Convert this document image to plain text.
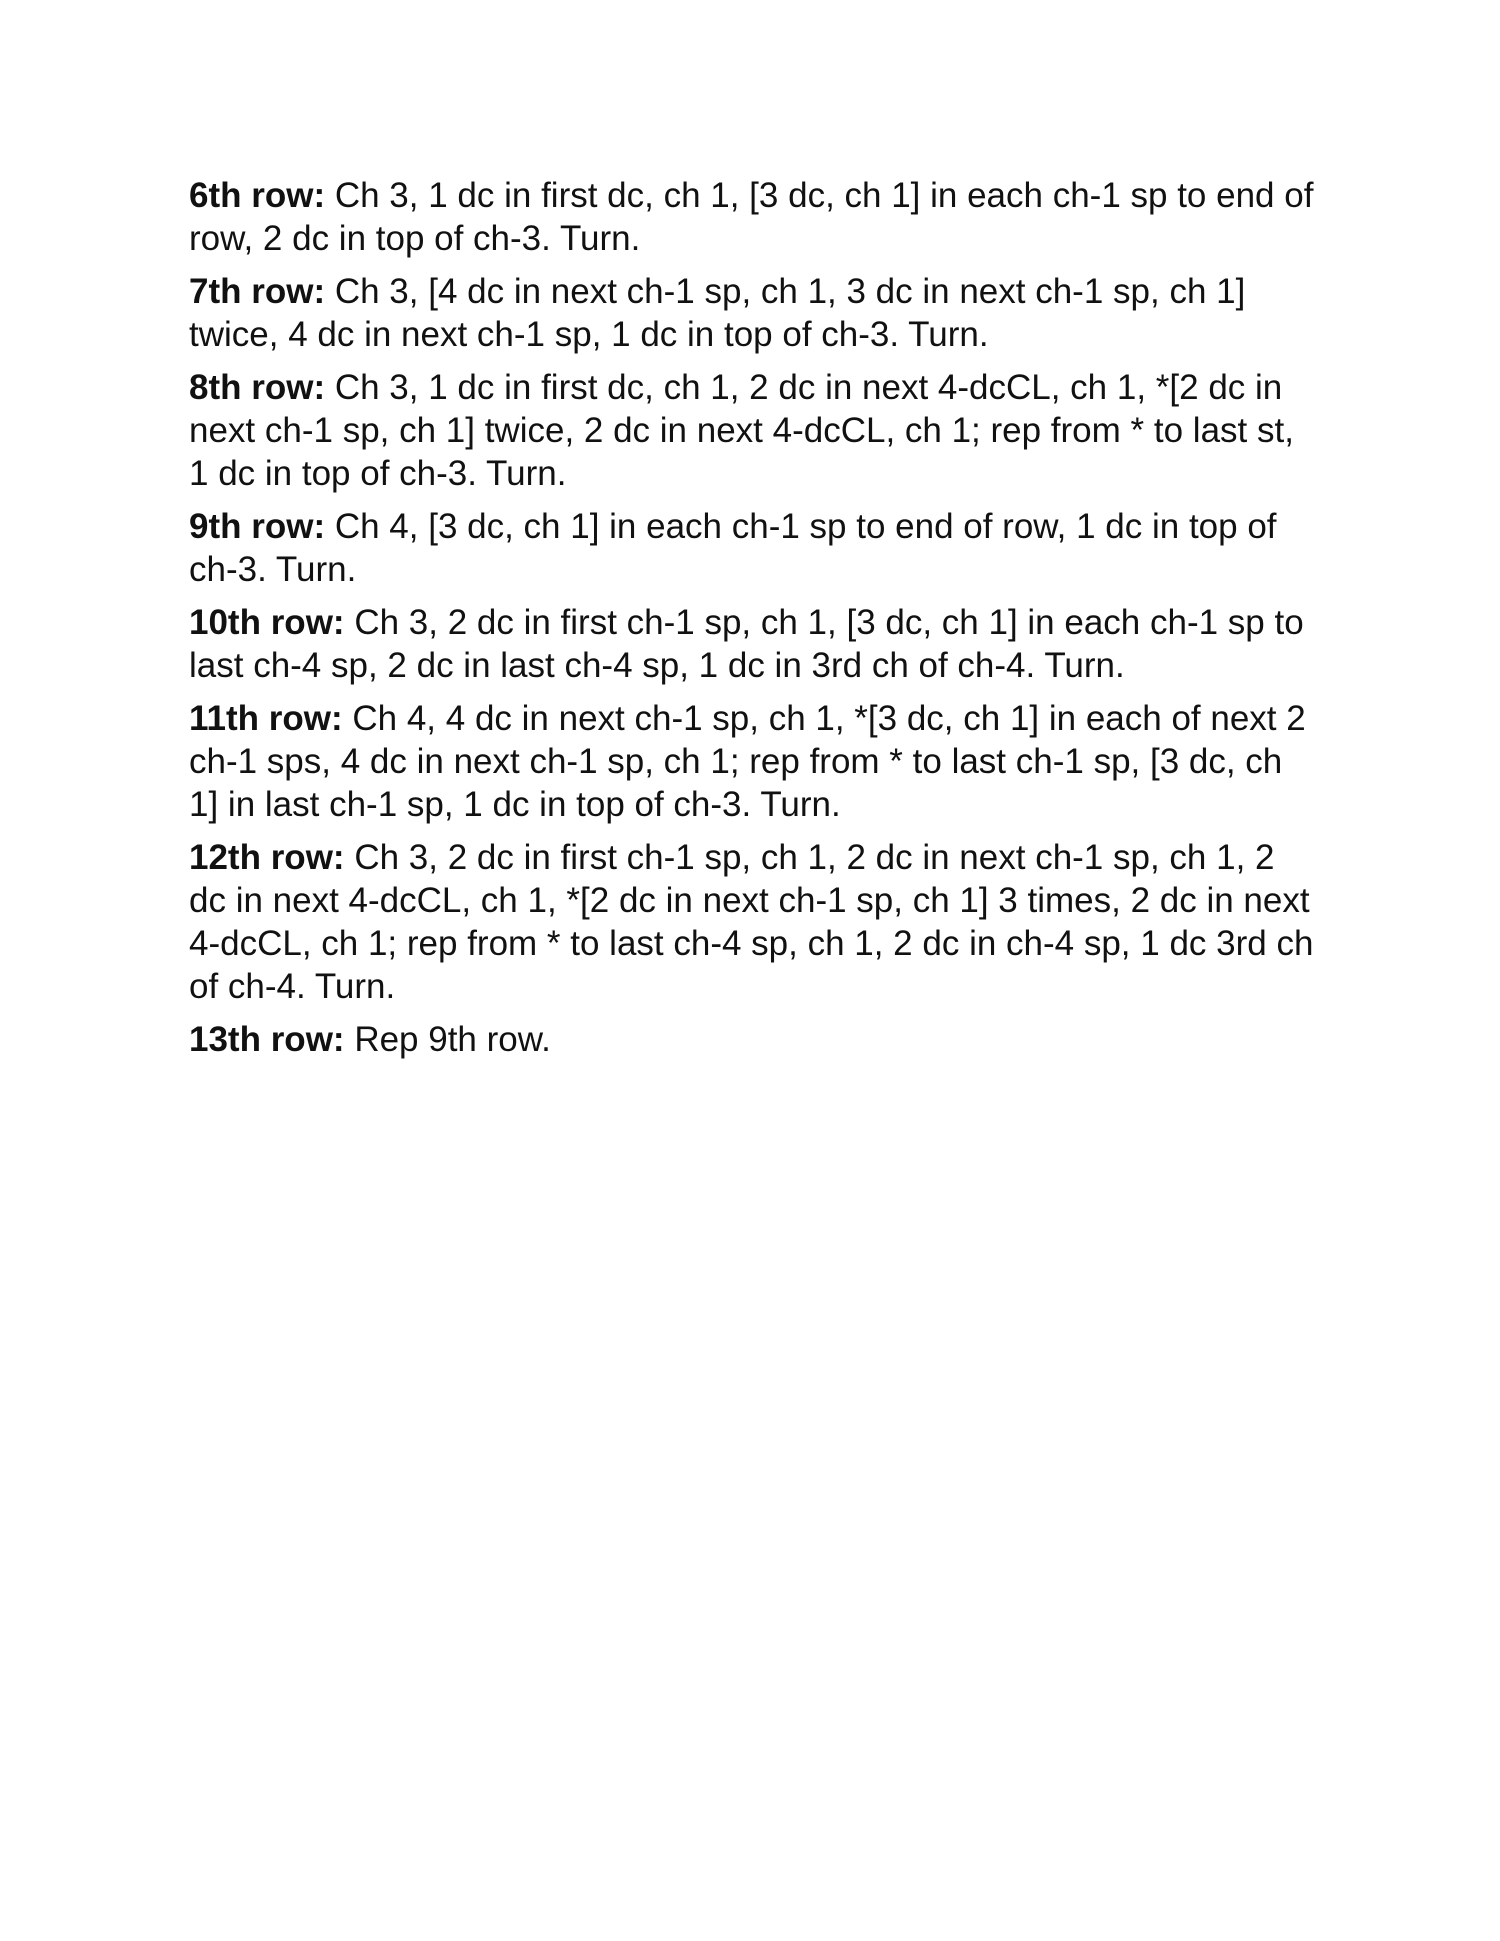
6th row: Ch 3, 1 dc in first dc, ch 1, [3 dc, ch 1] in each ch-1 sp to end of row, 2 dc in top of ch-3. Turn.

7th row: Ch 3, [4 dc in next ch-1 sp, ch 1, 3 dc in next ch-1 sp, ch 1] twice, 4 dc in next ch-1 sp, 1 dc in top of ch-3. Turn.

8th row: Ch 3, 1 dc in first dc, ch 1, 2 dc in next 4-dcCL, ch 1, *[2 dc in next ch-1 sp, ch 1] twice, 2 dc in next 4-dcCL, ch 1; rep from * to last st, 1 dc in top of ch-3. Turn.

9th row: Ch 4, [3 dc, ch 1] in each ch-1 sp to end of row, 1 dc in top of ch-3. Turn.

10th row: Ch 3, 2 dc in first ch-1 sp, ch 1, [3 dc, ch 1] in each ch-1 sp to last ch-4 sp, 2 dc in last ch-4 sp, 1 dc in 3rd ch of ch-4. Turn.

11th row: Ch 4, 4 dc in next ch-1 sp, ch 1, *[3 dc, ch 1] in each of next 2 ch-1 sps, 4 dc in next ch-1 sp, ch 1; rep from * to last ch-1 sp, [3 dc, ch 1] in last ch-1 sp, 1 dc in top of ch-3. Turn.

12th row: Ch 3, 2 dc in first ch-1 sp, ch 1, 2 dc in next ch-1 sp, ch 1, 2 dc in next 4-dcCL, ch 1, *[2 dc in next ch-1 sp, ch 1] 3 times, 2 dc in next 4-dcCL, ch 1; rep from * to last ch-4 sp, ch 1, 2 dc in ch-4 sp, 1 dc 3rd ch of ch-4. Turn.

13th row: Rep 9th row.
